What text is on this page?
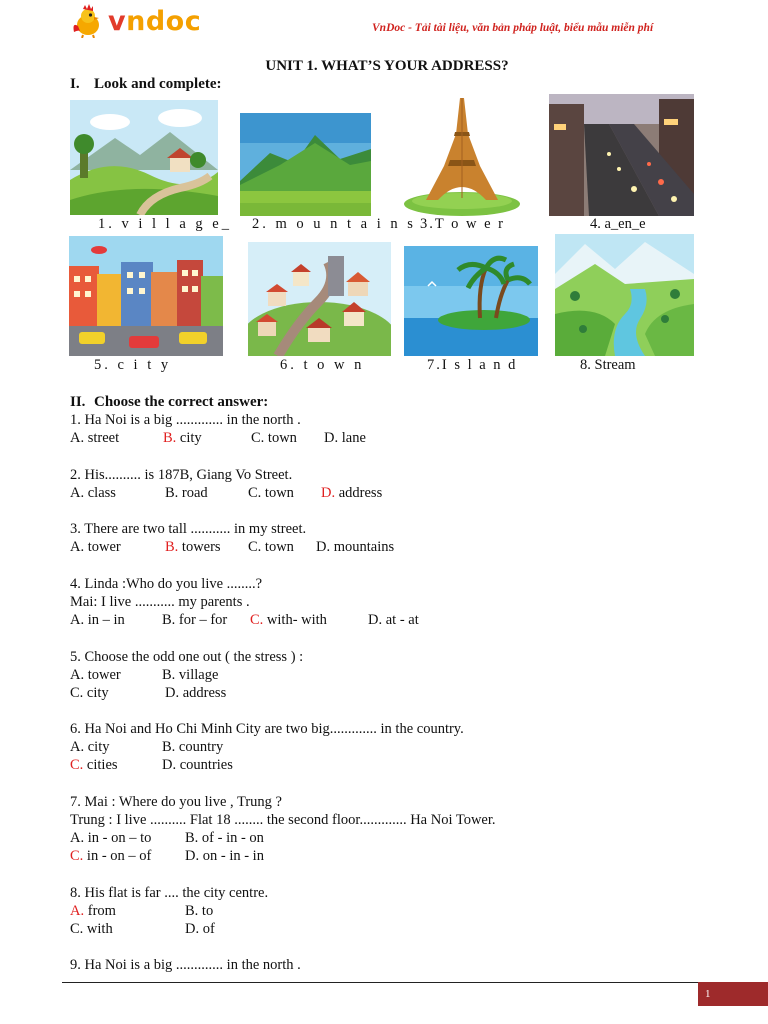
vndoc	VnDoc - Tải tài liệu, văn bản pháp luật, biểu mẫu miễn phí
UNIT 1. WHAT’S YOUR ADDRESS?
I. Look and complete:
1. v i l l a g e_ 2. m o u n t a i n s 3.T o w e r	4. a_en_e
5. c i t y	6. t o w n	7.I s l a n d	8. Stream
II. Choose the correct answer:
1. Ha Noi is a big ............. in the north .
A. street	B. city	C. town D. lane
2. His.......... is 187B, Giang Vo Street.
A. class	B. road	C. town D. address
3. There are two tall ........... in my street.
A. tower	B. towers C. town D. mountains
4. Linda :Who do you live ........?
Mai: I live ........... my parents .
A. in – in	B. for – for C. with- with	D. at - at
5. Choose the odd one out ( the stress ) :
A. tower	B. village
C. city	D. address
6. Ha Noi and Ho Chi Minh City are two big............. in the country.
A. city	B. country
C. cities	D. countries
7. Mai : Where do you live , Trung ?
Trung : I live .......... Flat 18 ........ the second floor............. Ha Noi Tower.
A. in - on – to B. of - in - on
C. in - on – of D. on - in - in
8. His flat is far .... the city centre.
A. from	B. to
C. with	D. of
9. Ha Noi is a big ............. in the north .
1
